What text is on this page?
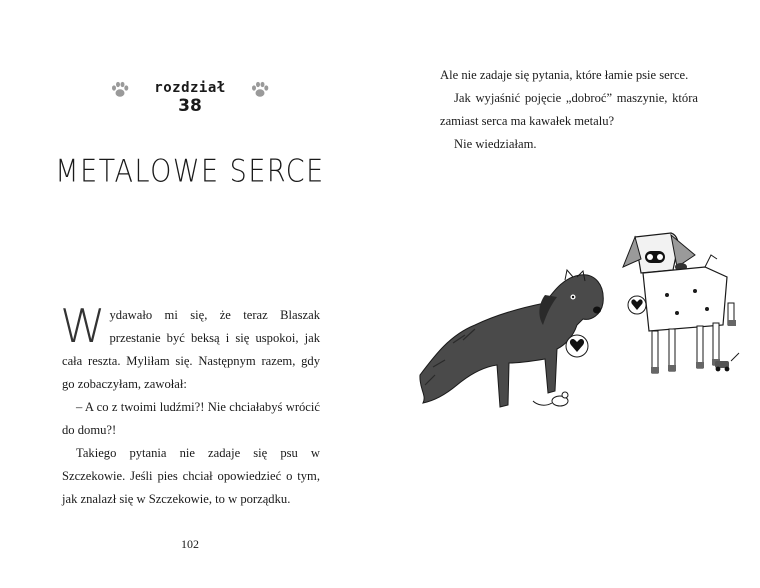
rozdział
38
METALOWE SERCE

Wydawało mi się, że teraz Blaszak przestanie być beksą i się uspokoi, jak cała reszta. Myliłam się. Następnym razem, gdy go zobaczyłam, zawołał:

– A co z twoimi ludźmi?! Nie chciałabyś wrócić do domu?!

Takiego pytania nie zadaje się psu w Szczekowie. Jeśli pies chciał opowiedzieć o tym, jak znalazł się w Szczekowie, to w porządku.

102

Ale nie zadaje się pytania, które łamie psie serce.

Jak wyjaśnić pojęcie „dobroć” maszynie, która zamiast serca ma kawałek metalu?

Nie wiedziałam.
